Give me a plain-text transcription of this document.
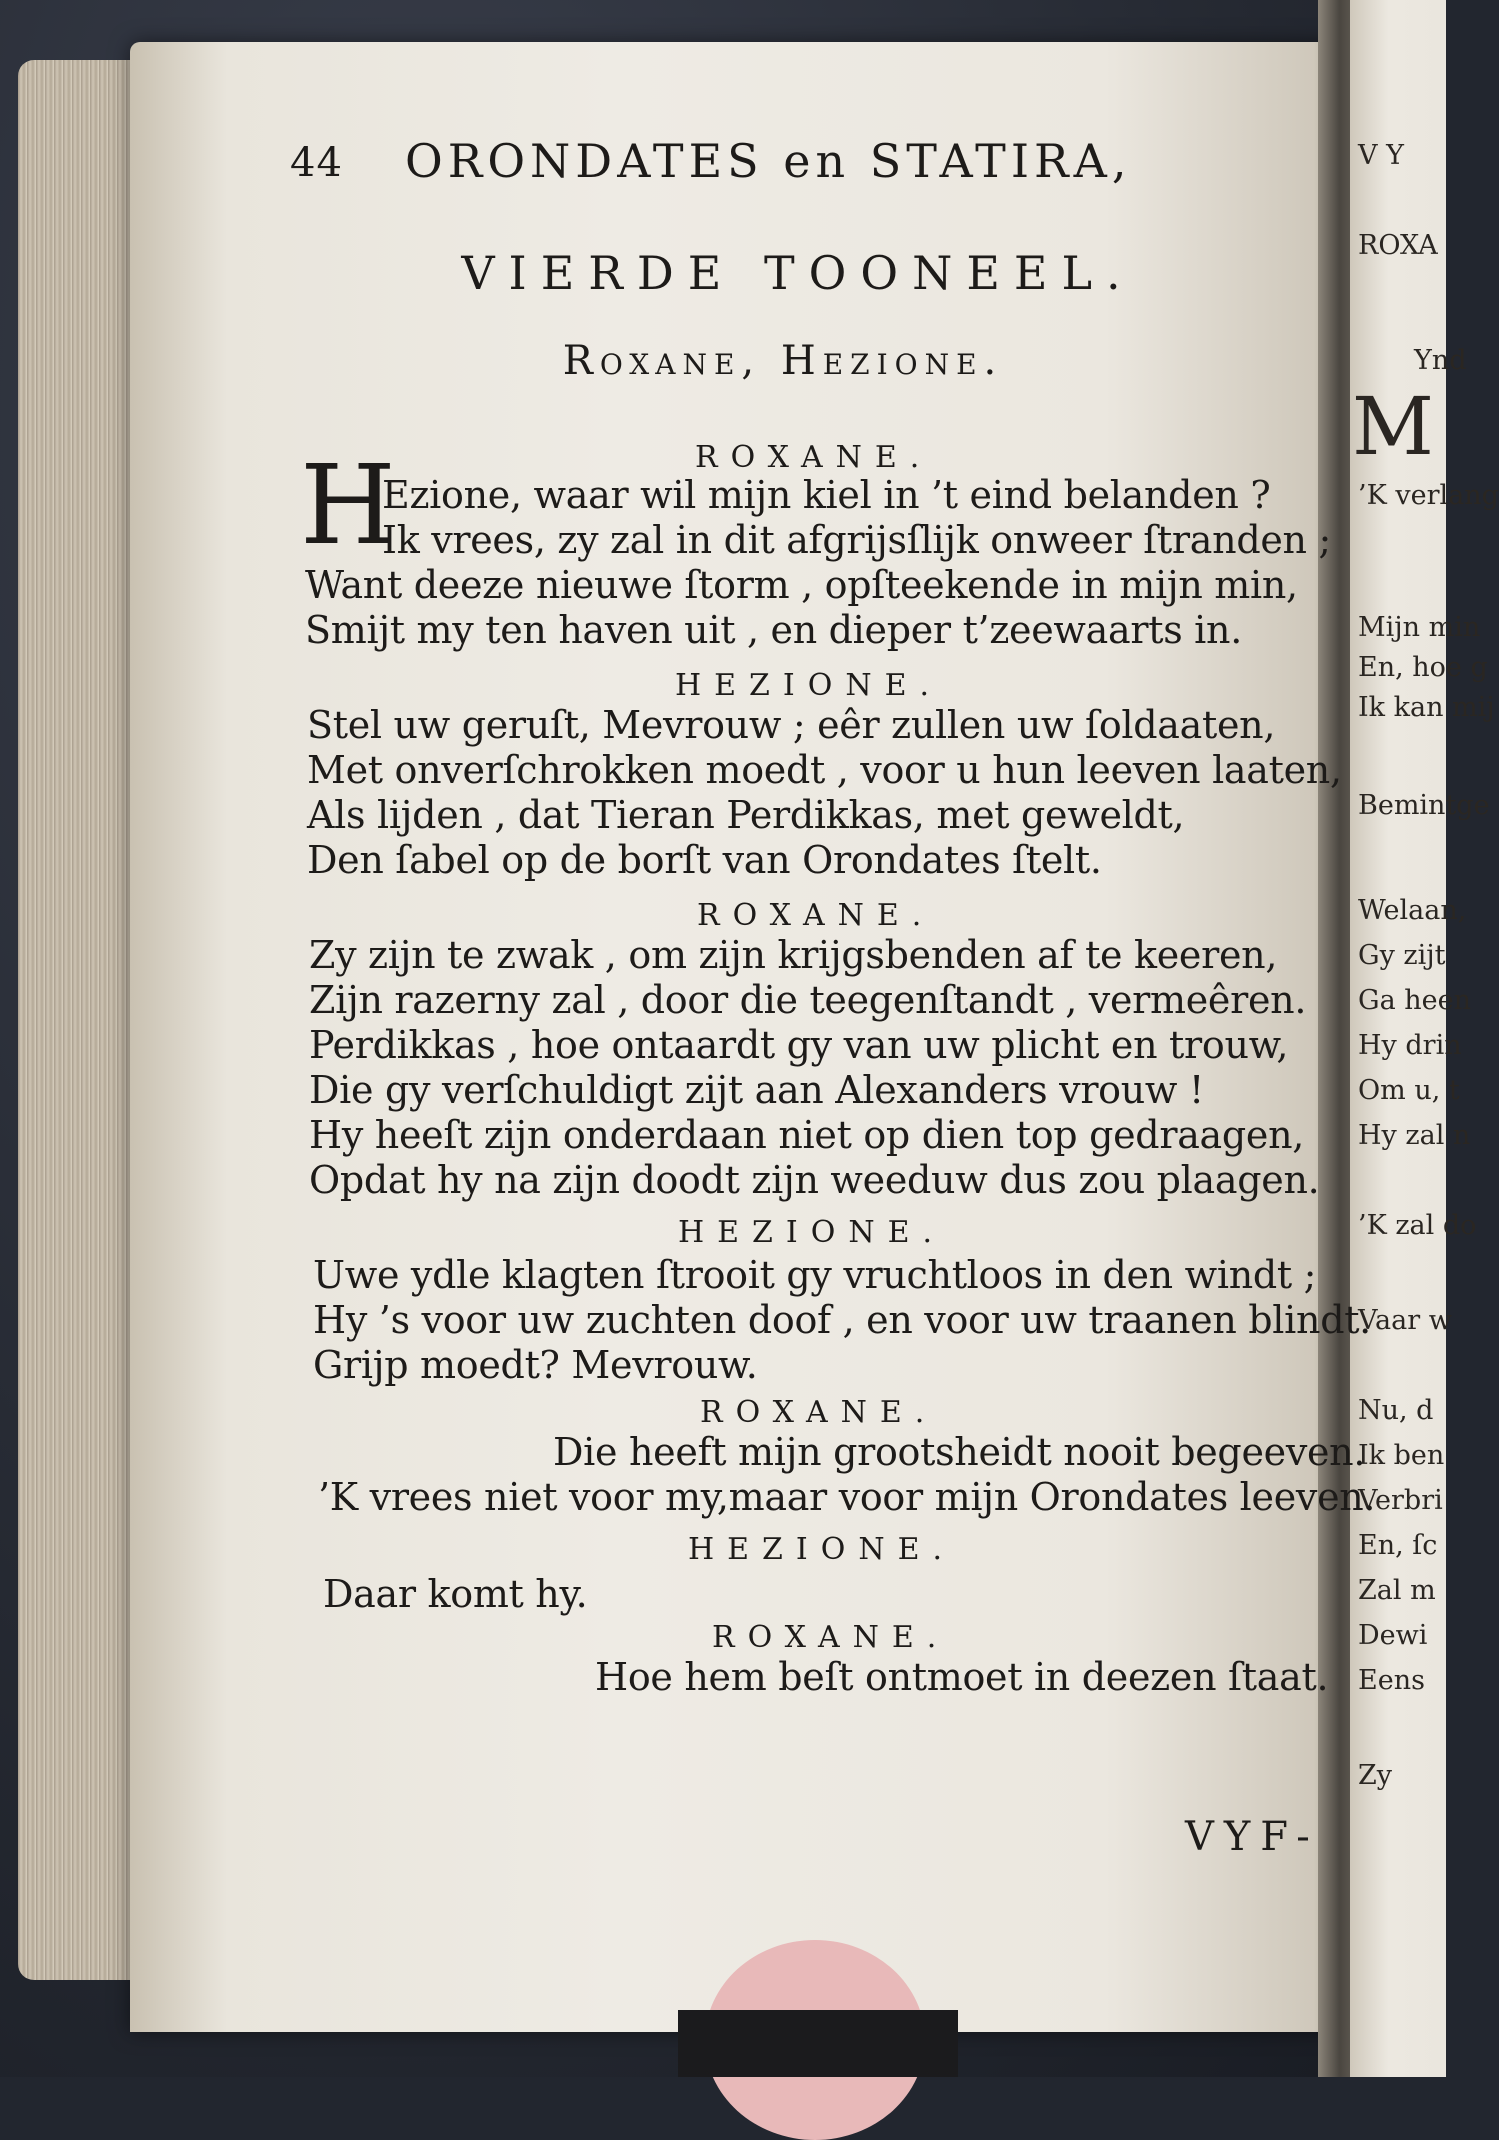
V Y
ROXA
M
Ynd
’K verlang
Mijn min
En, hoe g
Ik kan mij
Bemintge
Welaan,
Gy zijt
Ga heen
Hy drin
Om u, t
Hy zal n
’K zal do
Vaar w
Nu, d
Ik ben
Verbri
En, ſc
Zal m
Dewi
Eens
Zy
44 ORONDATES en STATIRA,
VIERDE TOONEEL.
Roxane, Hezione.
ROXANE.
H
Ezione, waar wil mijn kiel in ’t eind belanden ?
Ik vrees, zy zal in dit afgrijsſlijk onweer ſtranden ;
Want deeze nieuwe ſtorm , opſteekende in mijn min,
Smijt my ten haven uit , en dieper t’zeewaarts in.
HEZIONE.
Stel uw geruſt, Mevrouw ; eêr zullen uw ſoldaaten,
Met onverſchrokken moedt , voor u hun leeven laaten,
Als lijden , dat Tieran Perdikkas, met geweldt,
Den ſabel op de borſt van Orondates ſtelt.
ROXANE.
Zy zijn te zwak , om zijn krijgsbenden af te keeren,
Zijn razerny zal , door die teegenſtandt , vermeêren.
Perdikkas , hoe ontaardt gy van uw plicht en trouw,
Die gy verſchuldigt zijt aan Alexanders vrouw !
Hy heeſt zijn onderdaan niet op dien top gedraagen,
Opdat hy na zijn doodt zijn weeduw dus zou plaagen.
HEZIONE.
Uwe ydle klagten ſtrooit gy vruchtloos in den windt ;
Hy ’s voor uw zuchten doof , en voor uw traanen blindt.
Grijp moedt? Mevrouw.
ROXANE.
Die heeft mijn grootsheidt nooit begeeven.
’K vrees niet voor my,maar voor mijn Orondates leeven.
HEZIONE.
Daar komt hy.
ROXANE.
Hoe hem beſt ontmoet in deezen ſtaat.
VYF-
